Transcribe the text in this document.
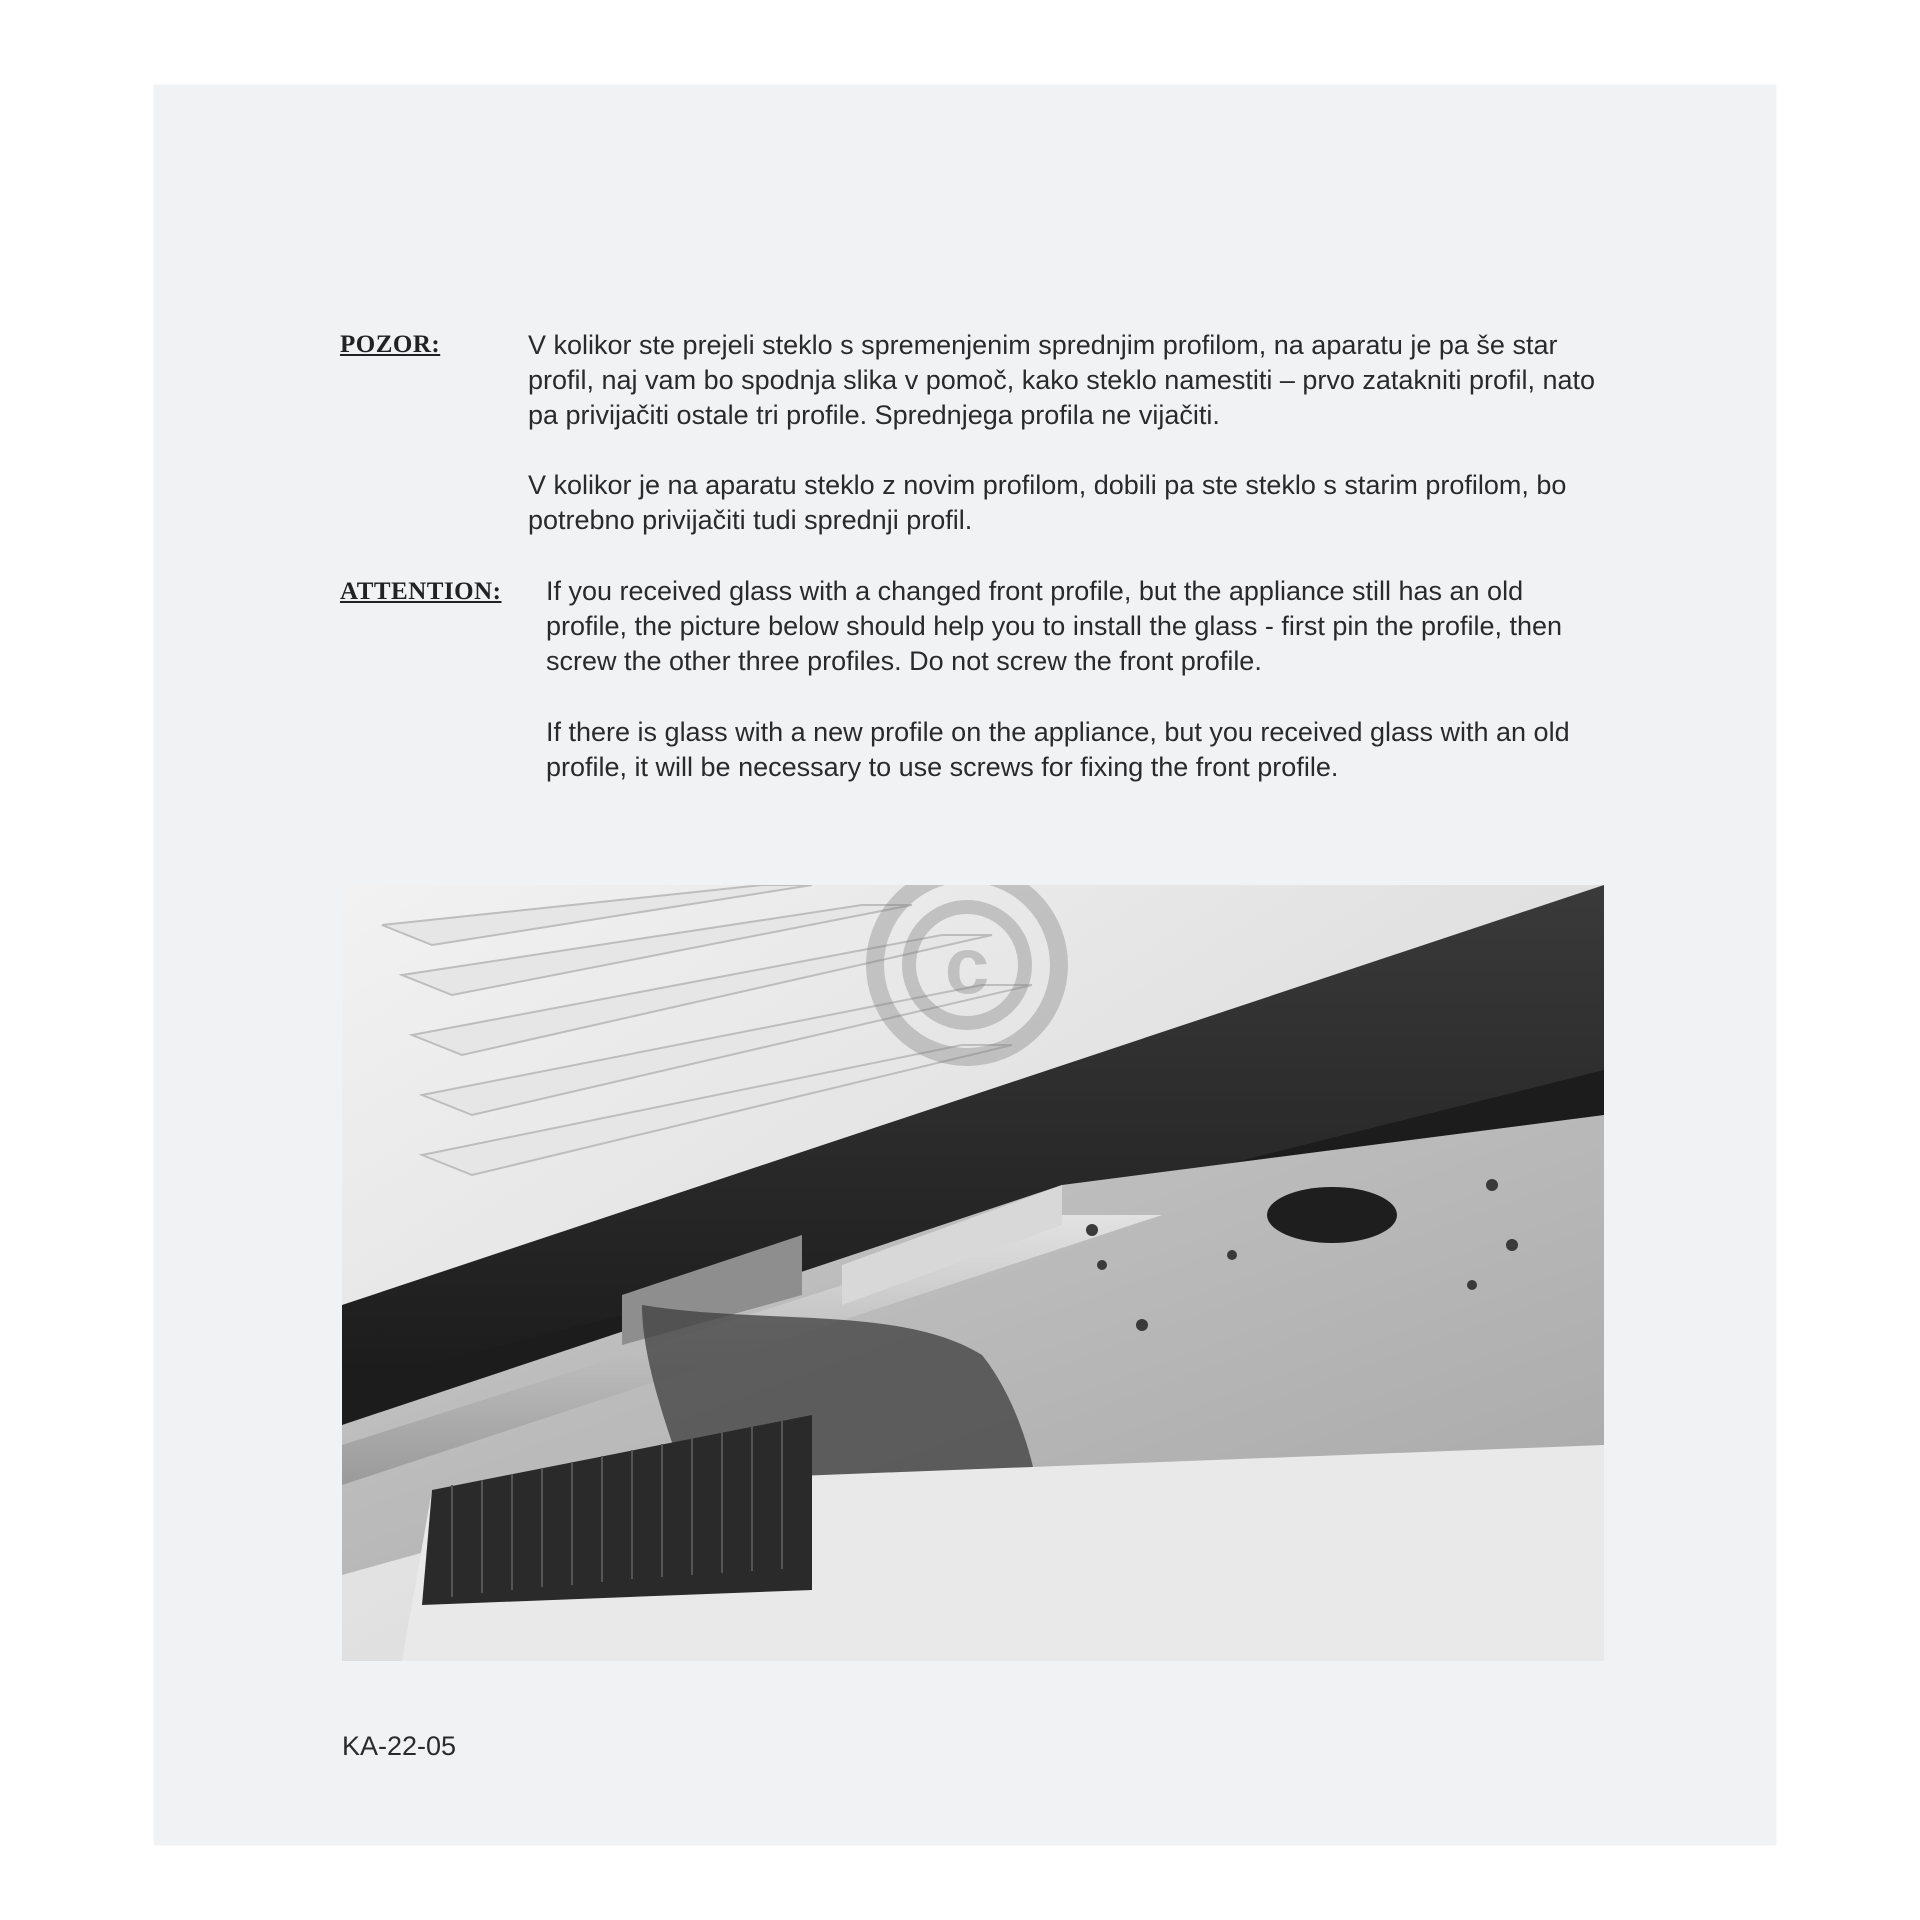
POZOR:	V kolikor ste prejeli steklo s spremenjenim sprednjim profilom, na aparatu je pa še star profil, naj vam bo spodnja slika v pomoč, kako steklo namestiti – prvo zatakniti profil, nato pa privijačiti ostale tri profile. Sprednjega profila ne vijačiti.
V kolikor je na aparatu steklo z novim profilom, dobili pa ste steklo s starim profilom, bo potrebno privijačiti tudi sprednji profil.
ATTENTION: If you received glass with a changed front profile, but the appliance still has an old profile, the picture below should help you to install the glass - first pin the profile, then screw the other three profiles. Do not screw the front profile.
If there is glass with a new profile on the appliance, but you received glass with an old profile, it will be necessary to use screws for fixing the front profile.
c
KA-22-05
